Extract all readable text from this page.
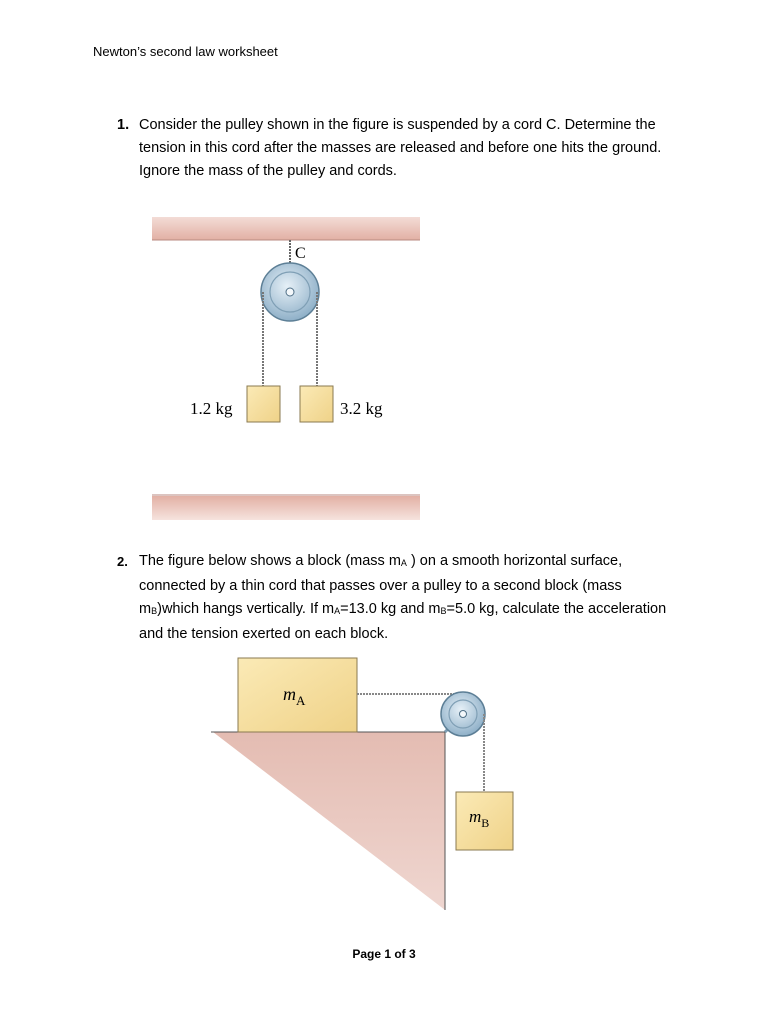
Newton’s second law worksheet
1. Consider the pulley shown in the figure is suspended by a cord C. Determine the tension in this cord after the masses are released and before one hits the ground. Ignore the mass of the pulley and cords.
C
1.2 kg	3.2 kg
2. The figure below shows a block (mass $m_A$ ) on a smooth horizontal surface, connected by a thin cord that passes over a pulley to a second block (mass $m_B)which$ hangs vertically. If $m_A=13.0$ kg and $m_B=5.0$ kg, calculate the acceleration and the tension exerted on each block.
$m_A$
$m_B$
Page 1 of 3
